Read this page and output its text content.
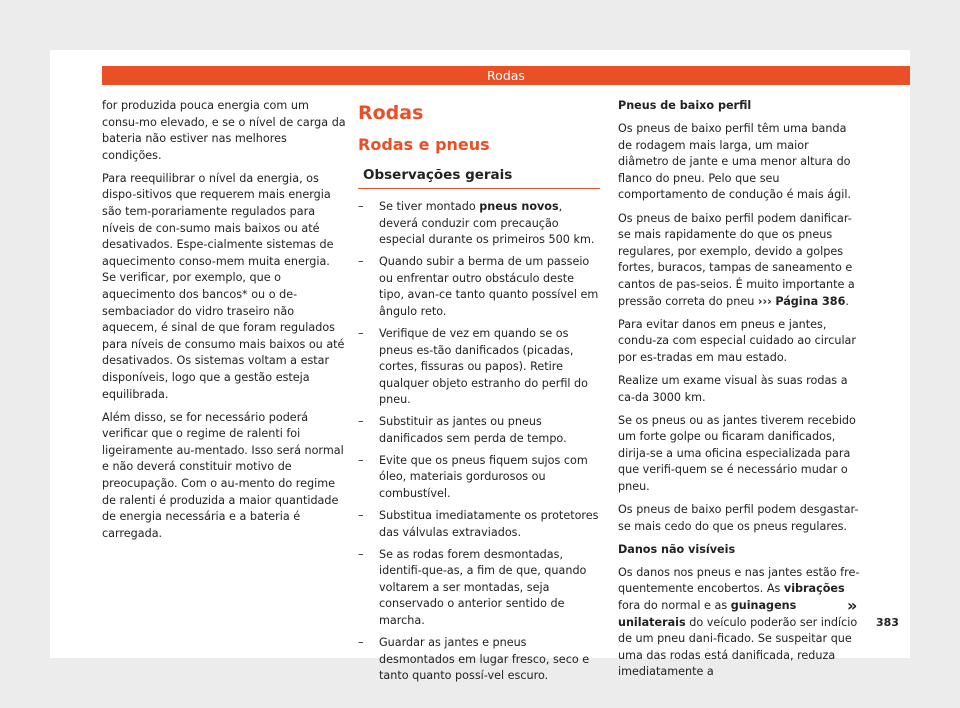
Rodas

for produzida pouca energia com um consu-mo elevado, e se o nível de carga da bateria não estiver nas melhores condições.

Para reequilibrar o nível da energia, os dispo-sitivos que requerem mais energia são tem-porariamente regulados para níveis de con-sumo mais baixos ou até desativados. Espe-cialmente sistemas de aquecimento conso-mem muita energia. Se verificar, por exemplo, que o aquecimento dos bancos* ou o de-sembaciador do vidro traseiro não aquecem, é sinal de que foram regulados para níveis de consumo mais baixos ou até desativados. Os sistemas voltam a estar disponíveis, logo que a gestão esteja equilibrada.

Além disso, se for necessário poderá verificar que o regime de ralenti foi ligeiramente au-mentado. Isso será normal e não deverá constituir motivo de preocupação. Com o au-mento do regime de ralenti é produzida a maior quantidade de energia necessária e a bateria é carregada.

Rodas
Rodas e pneus
Observações gerais
– Se tiver montado pneus novos, deverá conduzir com precaução especial durante os primeiros 500 km.
– Quando subir a berma de um passeio ou enfrentar outro obstáculo deste tipo, avan-ce tanto quanto possível em ângulo reto.
– Verifique de vez em quando se os pneus es-tão danificados (picadas, cortes, fissuras ou papos). Retire qualquer objeto estranho do perfil do pneu.
– Substituir as jantes ou pneus danificados sem perda de tempo.
– Evite que os pneus fiquem sujos com óleo, materiais gordurosos ou combustível.
– Substitua imediatamente os protetores das válvulas extraviados.
– Se as rodas forem desmontadas, identifi-que-as, a fim de que, quando voltarem a ser montadas, seja conservado o anterior sentido de marcha.
– Guardar as jantes e pneus desmontados em lugar fresco, seco e tanto quanto possí-vel escuro.

Pneus de baixo perfil

Os pneus de baixo perfil têm uma banda de rodagem mais larga, um maior diâmetro de jante e uma menor altura do flanco do pneu. Pelo que seu comportamento de condução é mais ágil.

Os pneus de baixo perfil podem danificar-se mais rapidamente do que os pneus regulares, por exemplo, devido a golpes fortes, buracos, tampas de saneamento e cantos de pas-seios. É muito importante a pressão correta do pneu ››› Página 386.

Para evitar danos em pneus e jantes, condu-za com especial cuidado ao circular por es-tradas em mau estado.

Realize um exame visual às suas rodas a ca-da 3000 km.

Se os pneus ou as jantes tiverem recebido um forte golpe ou ficaram danificados, dirija-se a uma oficina especializada para que verifi-quem se é necessário mudar o pneu.

Os pneus de baixo perfil podem desgastar-se mais cedo do que os pneus regulares.

Danos não visíveis

Os danos nos pneus e nas jantes estão fre-quentemente encobertos. As vibrações fora do normal e as guinagens unilaterais do veículo poderão ser indício de um pneu dani-ficado. Se suspeitar que uma das rodas está danificada, reduza imediatamente a

»
383
